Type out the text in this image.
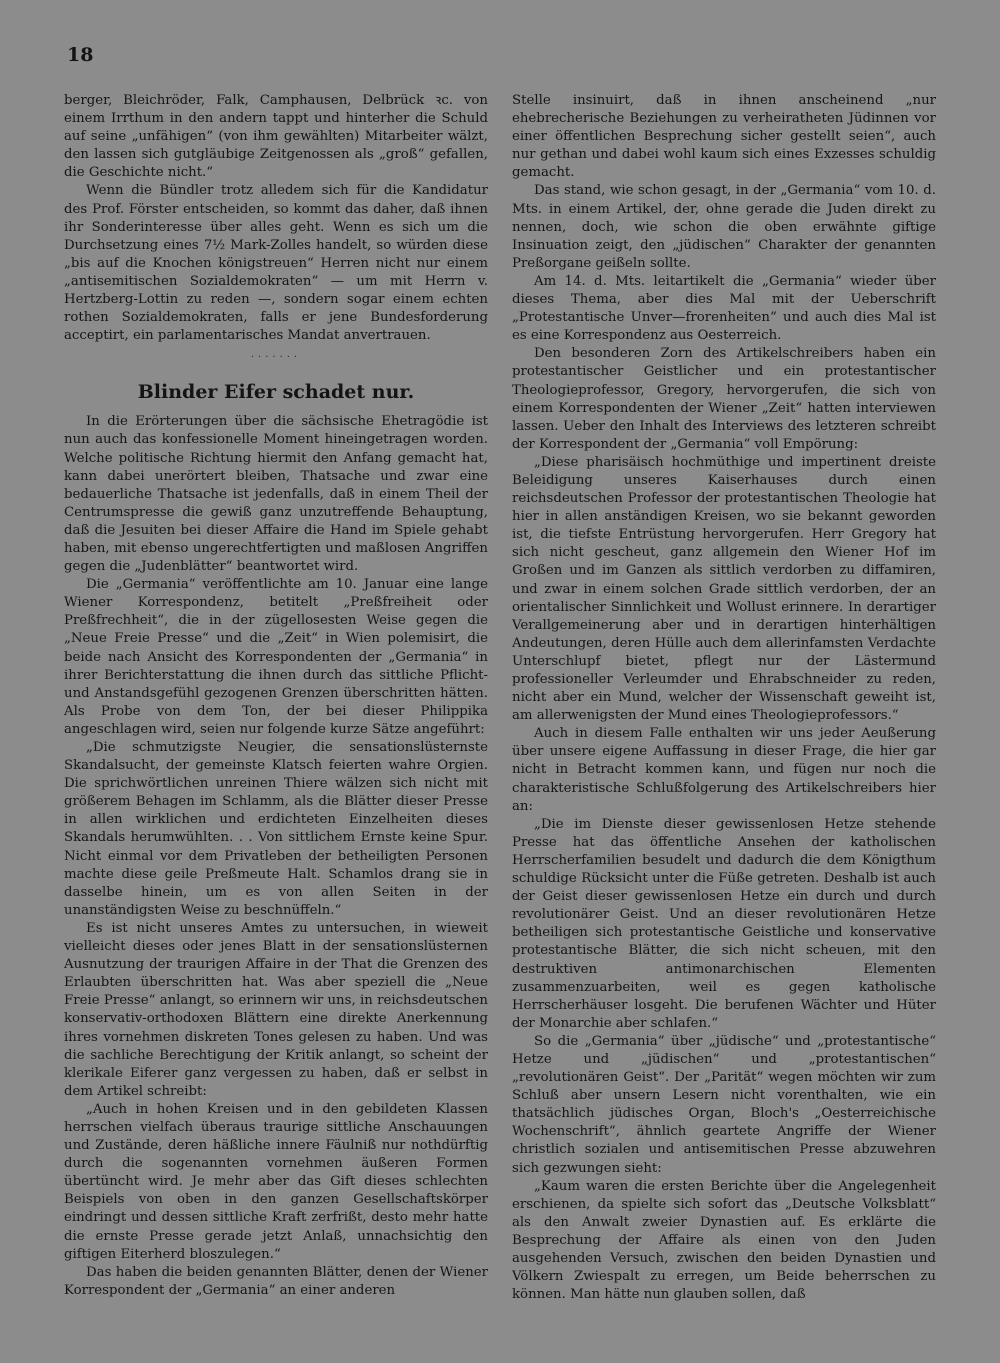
18

berger, Bleichröder, Falk, Camphausen, Delbrück ꝛc. von einem Irrthum in den andern tappt und hinterher die Schuld auf seine „unfähigen“ (von ihm gewählten) Mitarbeiter wälzt, den lassen sich gutgläubige Zeitgenossen als „groß“ gefallen, die Geschichte nicht.“

Wenn die Bündler trotz alledem sich für die Kandidatur des Prof. Förster entscheiden, so kommt das daher, daß ihnen ihr Sonderinteresse über alles geht. Wenn es sich um die Durchsetzung eines 7½ Mark-Zolles handelt, so würden diese „bis auf die Knochen königstreuen“ Herren nicht nur einem „antisemitischen Sozialdemokraten“ — um mit Herrn v. Hertzberg-Lottin zu reden —, sondern sogar einem echten rothen Sozialdemokraten, falls er jene Bundesforderung acceptirt, ein parlamentarisches Mandat anvertrauen.

·······
Blinder Eifer schadet nur.

In die Erörterungen über die sächsische Ehetragödie ist nun auch das konfessionelle Moment hineingetragen worden. Welche politische Richtung hiermit den Anfang gemacht hat, kann dabei unerörtert bleiben, Thatsache und zwar eine bedauerliche Thatsache ist jedenfalls, daß in einem Theil der Centrumspresse die gewiß ganz unzutreffende Behauptung, daß die Jesuiten bei dieser Affaire die Hand im Spiele gehabt haben, mit ebenso ungerechtfertigten und maßlosen Angriffen gegen die „Judenblätter“ beantwortet wird.

Die „Germania“ veröffentlichte am 10. Januar eine lange Wiener Korrespondenz, betitelt „Preßfreiheit oder Preßfrechheit“, die in der zügellosesten Weise gegen die „Neue Freie Presse“ und die „Zeit“ in Wien polemisirt, die beide nach Ansicht des Korrespondenten der „Germania“ in ihrer Berichterstattung die ihnen durch das sittliche Pflicht- und Anstandsgefühl gezogenen Grenzen überschritten hätten. Als Probe von dem Ton, der bei dieser Philippika angeschlagen wird, seien nur folgende kurze Sätze angeführt:

„Die schmutzigste Neugier, die sensationslüsternste Skandalsucht, der gemeinste Klatsch feierten wahre Orgien. Die sprichwörtlichen unreinen Thiere wälzen sich nicht mit größerem Behagen im Schlamm, als die Blätter dieser Presse in allen wirklichen und erdichteten Einzelheiten dieses Skandals herumwühlten. . . Von sittlichem Ernste keine Spur. Nicht einmal vor dem Privatleben der betheiligten Personen machte diese geile Preßmeute Halt. Schamlos drang sie in dasselbe hinein, um es von allen Seiten in der unanständigsten Weise zu beschnüffeln.“

Es ist nicht unseres Amtes zu untersuchen, in wieweit vielleicht dieses oder jenes Blatt in der sensationslüsternen Ausnutzung der traurigen Affaire in der That die Grenzen des Erlaubten überschritten hat. Was aber speziell die „Neue Freie Presse“ anlangt, so erinnern wir uns, in reichsdeutschen konservativ-orthodoxen Blättern eine direkte Anerkennung ihres vornehmen diskreten Tones gelesen zu haben. Und was die sachliche Berechtigung der Kritik anlangt, so scheint der klerikale Eiferer ganz vergessen zu haben, daß er selbst in dem Artikel schreibt:

„Auch in hohen Kreisen und in den gebildeten Klassen herrschen vielfach überaus traurige sittliche Anschauungen und Zustände, deren häßliche innere Fäulniß nur nothdürftig durch die sogenannten vornehmen äußeren Formen übertüncht wird. Je mehr aber das Gift dieses schlechten Beispiels von oben in den ganzen Gesellschaftskörper eindringt und dessen sittliche Kraft zerfrißt, desto mehr hatte die ernste Presse gerade jetzt Anlaß, unnachsichtig den giftigen Eiterherd bloszulegen.“

Das haben die beiden genannten Blätter, denen der Wiener Korrespondent der „Germania“ an einer anderen

Stelle insinuirt, daß in ihnen anscheinend „nur ehebrecherische Beziehungen zu verheiratheten Jüdinnen vor einer öffentlichen Besprechung sicher gestellt seien“, auch nur gethan und dabei wohl kaum sich eines Exzesses schuldig gemacht.

Das stand, wie schon gesagt, in der „Germania“ vom 10. d. Mts. in einem Artikel, der, ohne gerade die Juden direkt zu nennen, doch, wie schon die oben erwähnte giftige Insinuation zeigt, den „jüdischen“ Charakter der genannten Preßorgane geißeln sollte.

Am 14. d. Mts. leitartikelt die „Germania“ wieder über dieses Thema, aber dies Mal mit der Ueberschrift „Protestantische Unver—frorenheiten“ und auch dies Mal ist es eine Korrespondenz aus Oesterreich.

Den besonderen Zorn des Artikelschreibers haben ein protestantischer Geistlicher und ein protestantischer Theologieprofessor, Gregory, hervorgerufen, die sich von einem Korrespondenten der Wiener „Zeit“ hatten interviewen lassen. Ueber den Inhalt des Interviews des letzteren schreibt der Korrespondent der „Germania“ voll Empörung:

„Diese pharisäisch hochmüthige und impertinent dreiste Beleidigung unseres Kaiserhauses durch einen reichsdeutschen Professor der protestantischen Theologie hat hier in allen anständigen Kreisen, wo sie bekannt geworden ist, die tiefste Entrüstung hervorgerufen. Herr Gregory hat sich nicht gescheut, ganz allgemein den Wiener Hof im Großen und im Ganzen als sittlich verdorben zu diffamiren, und zwar in einem solchen Grade sittlich verdorben, der an orientalischer Sinnlichkeit und Wollust erinnere. In derartiger Verallgemeinerung aber und in derartigen hinterhältigen Andeutungen, deren Hülle auch dem allerinfamsten Verdachte Unterschlupf bietet, pflegt nur der Lästermund professioneller Verleumder und Ehrabschneider zu reden, nicht aber ein Mund, welcher der Wissenschaft geweiht ist, am allerwenigsten der Mund eines Theologieprofessors.“

Auch in diesem Falle enthalten wir uns jeder Aeußerung über unsere eigene Auffassung in dieser Frage, die hier gar nicht in Betracht kommen kann, und fügen nur noch die charakteristische Schlußfolgerung des Artikelschreibers hier an:

„Die im Dienste dieser gewissenlosen Hetze stehende Presse hat das öffentliche Ansehen der katholischen Herrscherfamilien besudelt und dadurch die dem Königthum schuldige Rücksicht unter die Füße getreten. Deshalb ist auch der Geist dieser gewissenlosen Hetze ein durch und durch revolutionärer Geist. Und an dieser revolutionären Hetze betheiligen sich protestantische Geistliche und konservative protestantische Blätter, die sich nicht scheuen, mit den destruktiven antimonarchischen Elementen zusammenzuarbeiten, weil es gegen katholische Herrscherhäuser losgeht. Die berufenen Wächter und Hüter der Monarchie aber schlafen.“

So die „Germania“ über „jüdische“ und „protestantische“ Hetze und „jüdischen“ und „protestantischen“ „revolutionären Geist“. Der „Parität“ wegen möchten wir zum Schluß aber unsern Lesern nicht vorenthalten, wie ein thatsächlich jüdisches Organ, Bloch's „Oesterreichische Wochenschrift“, ähnlich geartete Angriffe der Wiener christlich sozialen und antisemitischen Presse abzuwehren sich gezwungen sieht:

„Kaum waren die ersten Berichte über die Angelegenheit erschienen, da spielte sich sofort das „Deutsche Volksblatt“ als den Anwalt zweier Dynastien auf. Es erklärte die Besprechung der Affaire als einen von den Juden ausgehenden Versuch, zwischen den beiden Dynastien und Völkern Zwiespalt zu erregen, um Beide beherrschen zu können. Man hätte nun glauben sollen, daß
